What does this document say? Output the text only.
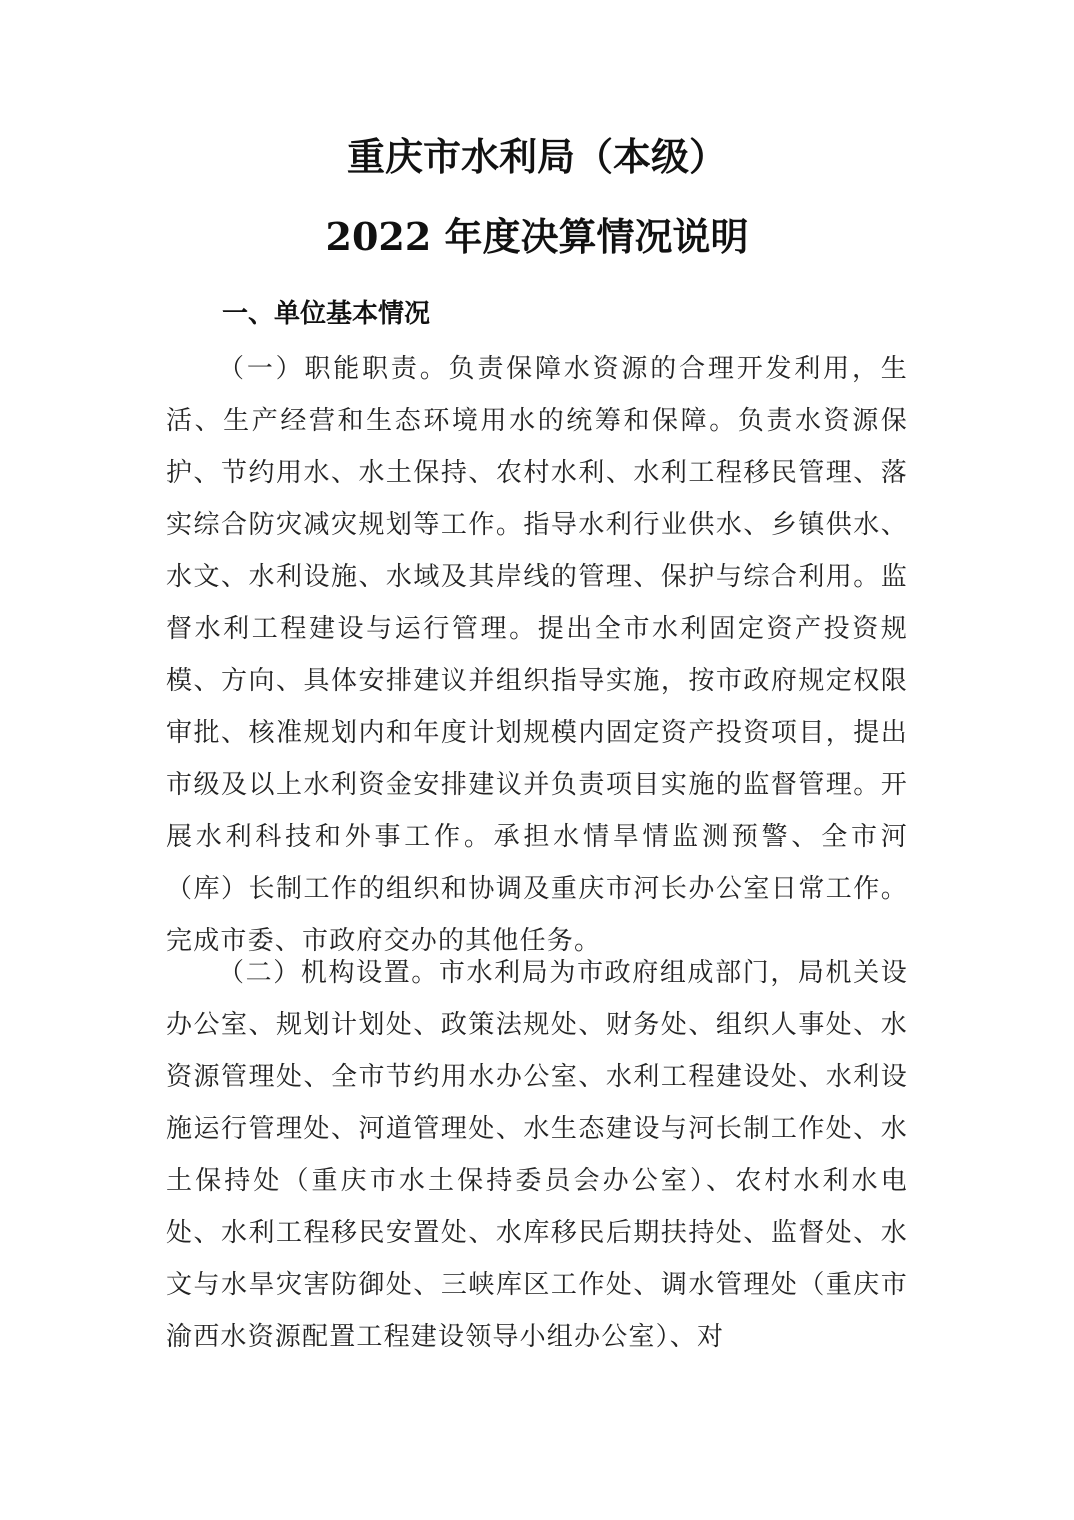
重庆市水利局（本级）
2022 年度决算情况说明
一、单位基本情况

（一）职能职责。负责保障水资源的合理开发利用，生活、生产经营和生态环境用水的统筹和保障。负责水资源保护、节约用水、水土保持、农村水利、水利工程移民管理、落实综合防灾减灾规划等工作。指导水利行业供水、乡镇供水、水文、水利设施、水域及其岸线的管理、保护与综合利用。监督水利工程建设与运行管理。提出全市水利固定资产投资规模、方向、具体安排建议并组织指导实施，按市政府规定权限审批、核准规划内和年度计划规模内固定资产投资项目，提出市级及以上水利资金安排建议并负责项目实施的监督管理。开展水利科技和外事工作。承担水情旱情监测预警、全市河（库）长制工作的组织和协调及重庆市河长办公室日常工作。完成市委、市政府交办的其他任务。

（二）机构设置。市水利局为市政府组成部门，局机关设办公室、规划计划处、政策法规处、财务处、组织人事处、水资源管理处、全市节约用水办公室、水利工程建设处、水利设施运行管理处、河道管理处、水生态建设与河长制工作处、水土保持处（重庆市水土保持委员会办公室）、农村水利水电处、水利工程移民安置处、水库移民后期扶持处、监督处、水文与水旱灾害防御处、三峡库区工作处、调水管理处（重庆市渝西水资源配置工程建设领导小组办公室）、对
